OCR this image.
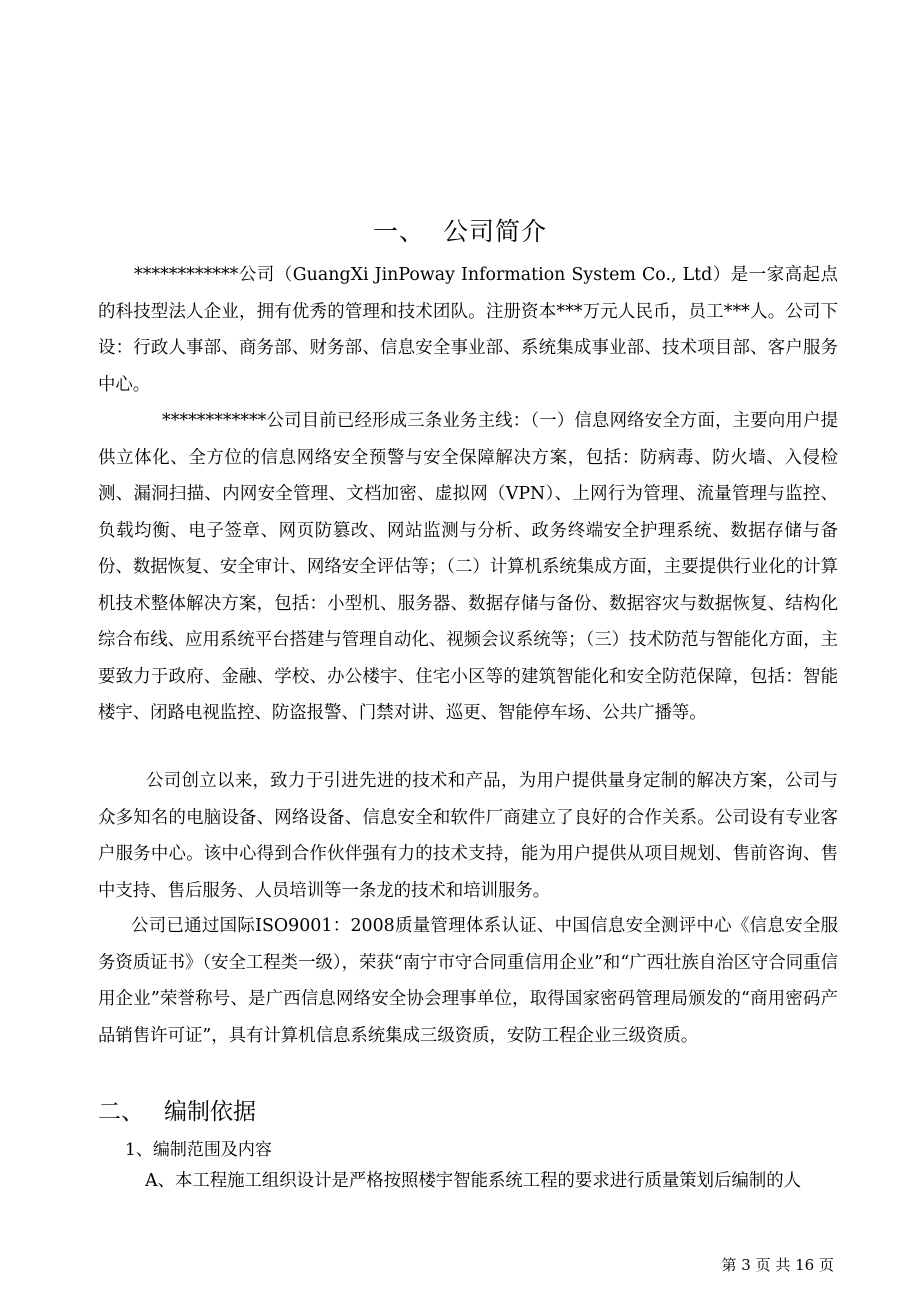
一、 公司简介
************公司（GuangXi JinPoway Information System Co., Ltd）是一家高起点的科技型法人企业，拥有优秀的管理和技术团队。注册资本***万元人民币，员工***人。公司下设：行政人事部、商务部、财务部、信息安全事业部、系统集成事业部、技术项目部、客户服务中心。
************公司目前已经形成三条业务主线：（一）信息网络安全方面，主要向用户提供立体化、全方位的信息网络安全预警与安全保障解决方案，包括：防病毒、防火墙、入侵检测、漏洞扫描、内网安全管理、文档加密、虚拟网（VPN）、上网行为管理、流量管理与监控、负载均衡、电子签章、网页防篡改、网站监测与分析、政务终端安全护理系统、数据存储与备份、数据恢复、安全审计、网络安全评估等；（二）计算机系统集成方面，主要提供行业化的计算机技术整体解决方案，包括：小型机、服务器、数据存储与备份、数据容灾与数据恢复、结构化综合布线、应用系统平台搭建与管理自动化、视频会议系统等；（三）技术防范与智能化方面，主要致力于政府、金融、学校、办公楼宇、住宅小区等的建筑智能化和安全防范保障，包括：智能楼宇、闭路电视监控、防盗报警、门禁对讲、巡更、智能停车场、公共广播等。
公司创立以来，致力于引进先进的技术和产品，为用户提供量身定制的解决方案，公司与众多知名的电脑设备、网络设备、信息安全和软件厂商建立了良好的合作关系。公司设有专业客户服务中心。该中心得到合作伙伴强有力的技术支持，能为用户提供从项目规划、售前咨询、售中支持、售后服务、人员培训等一条龙的技术和培训服务。
公司已通过国际ISO9001：2008质量管理体系认证、中国信息安全测评中心《信息安全服务资质证书》（安全工程类一级），荣获“南宁市守合同重信用企业”和“广西壮族自治区守合同重信用企业”荣誉称号、是广西信息网络安全协会理事单位，取得国家密码管理局颁发的“商用密码产品销售许可证”，具有计算机信息系统集成三级资质，安防工程企业三级资质。
二、 编制依据
1、编制范围及内容
A、本工程施工组织设计是严格按照楼宇智能系统工程的要求进行质量策划后编制的人
第 3 页 共 16 页
